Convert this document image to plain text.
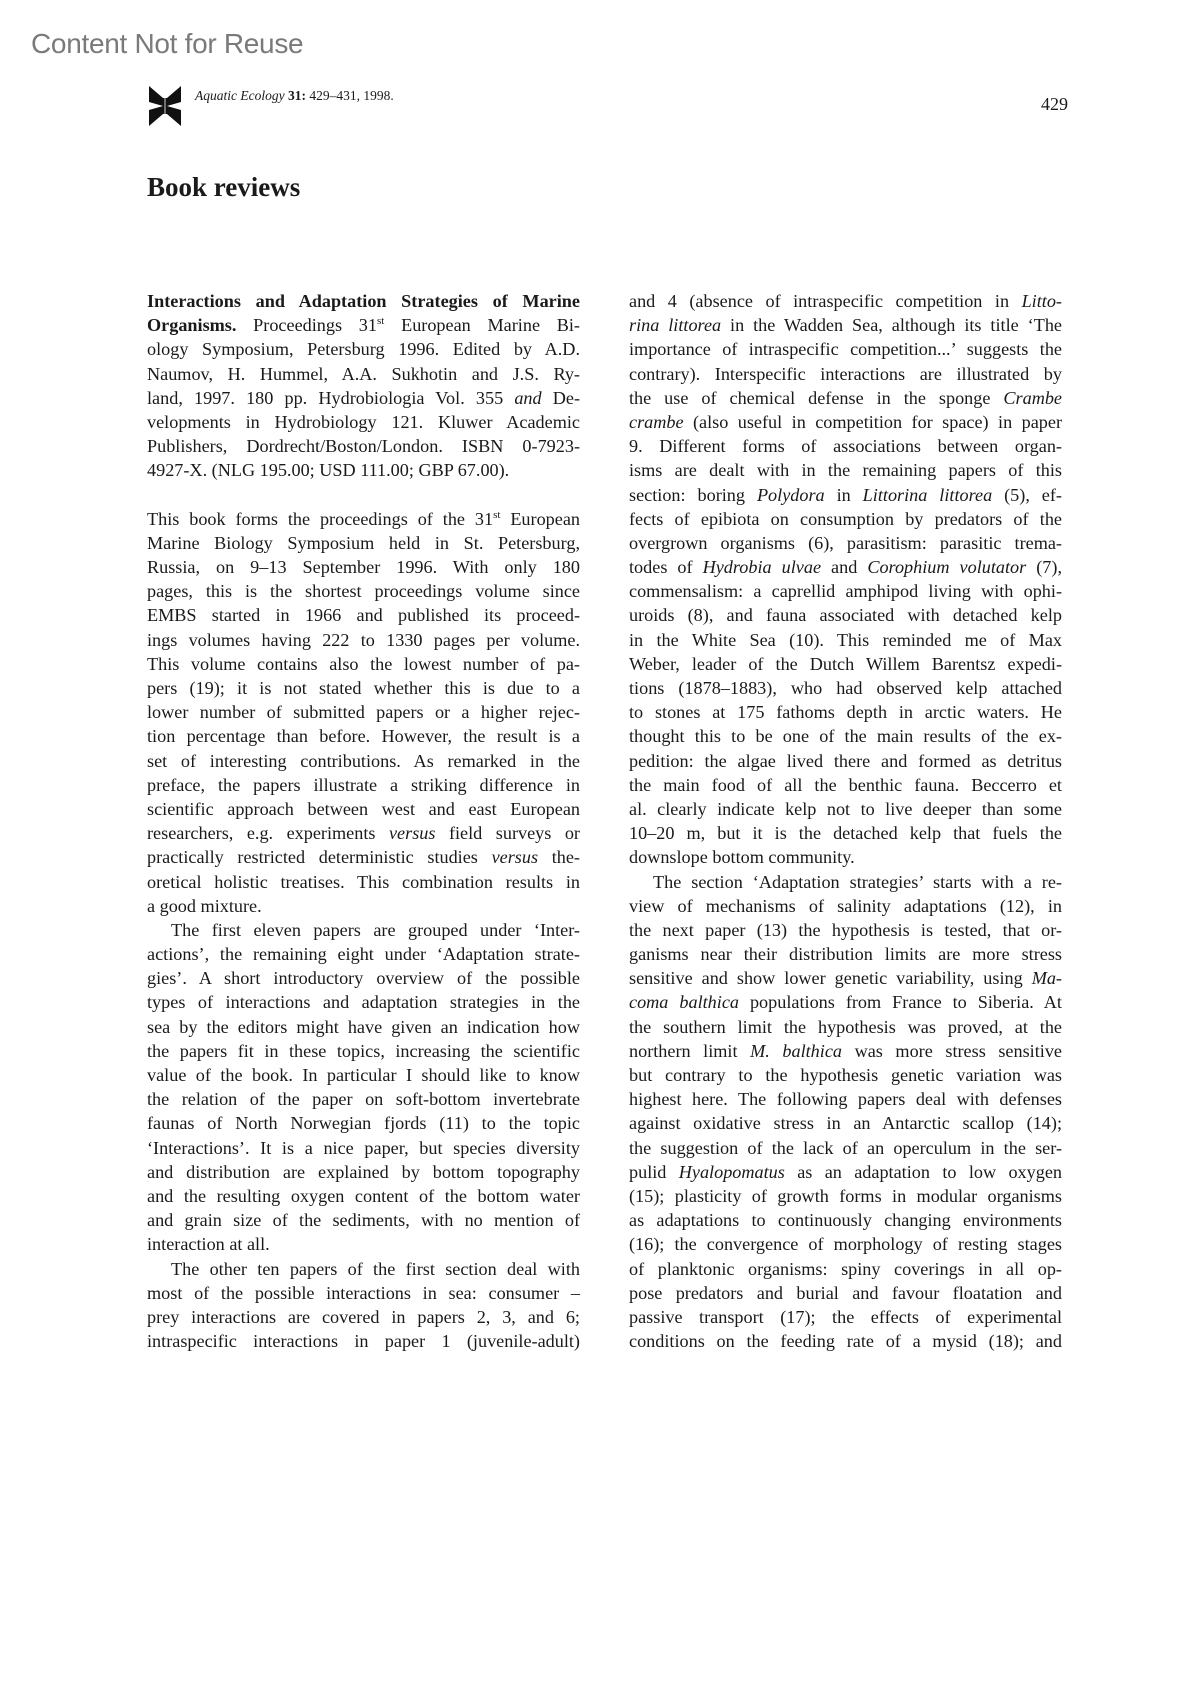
Content Not for Reuse
Aquatic Ecology 31: 429–431, 1998.	429
Book reviews
Interactions and Adaptation Strategies of Marine
Organisms. Proceedings 31st European Marine Bi-
ology Symposium, Petersburg 1996. Edited by A.D.
Naumov, H. Hummel, A.A. Sukhotin and J.S. Ry-
land, 1997. 180 pp. Hydrobiologia Vol. 355 and De-
velopments in Hydrobiology 121. Kluwer Academic
Publishers, Dordrecht/Boston/London. ISBN 0-7923-
4927-X. (NLG 195.00; USD 111.00; GBP 67.00).
This book forms the proceedings of the 31st European
Marine Biology Symposium held in St. Petersburg,
Russia, on 9–13 September 1996. With only 180
pages, this is the shortest proceedings volume since
EMBS started in 1966 and published its proceed-
ings volumes having 222 to 1330 pages per volume.
This volume contains also the lowest number of pa-
pers (19); it is not stated whether this is due to a
lower number of submitted papers or a higher rejec-
tion percentage than before. However, the result is a
set of interesting contributions. As remarked in the
preface, the papers illustrate a striking difference in
scientific approach between west and east European
researchers, e.g. experiments versus field surveys or
practically restricted deterministic studies versus the-
oretical holistic treatises. This combination results in
a good mixture.
The first eleven papers are grouped under ‘Inter-
actions’, the remaining eight under ‘Adaptation strate-
gies’. A short introductory overview of the possible
types of interactions and adaptation strategies in the
sea by the editors might have given an indication how
the papers fit in these topics, increasing the scientific
value of the book. In particular I should like to know
the relation of the paper on soft-bottom invertebrate
faunas of North Norwegian fjords (11) to the topic
‘Interactions’. It is a nice paper, but species diversity
and distribution are explained by bottom topography
and the resulting oxygen content of the bottom water
and grain size of the sediments, with no mention of
interaction at all.
The other ten papers of the first section deal with
most of the possible interactions in sea: consumer –
prey interactions are covered in papers 2, 3, and 6;
intraspecific interactions in paper 1 (juvenile-adult)
and 4 (absence of intraspecific competition in Litto-
rina littorea in the Wadden Sea, although its title ‘The
importance of intraspecific competition...’ suggests the
contrary). Interspecific interactions are illustrated by
the use of chemical defense in the sponge Crambe
crambe (also useful in competition for space) in paper
9. Different forms of associations between organ-
isms are dealt with in the remaining papers of this
section: boring Polydora in Littorina littorea (5), ef-
fects of epibiota on consumption by predators of the
overgrown organisms (6), parasitism: parasitic trema-
todes of Hydrobia ulvae and Corophium volutator (7),
commensalism: a caprellid amphipod living with ophi-
uroids (8), and fauna associated with detached kelp
in the White Sea (10). This reminded me of Max
Weber, leader of the Dutch Willem Barentsz expedi-
tions (1878–1883), who had observed kelp attached
to stones at 175 fathoms depth in arctic waters. He
thought this to be one of the main results of the ex-
pedition: the algae lived there and formed as detritus
the main food of all the benthic fauna. Beccerro et
al. clearly indicate kelp not to live deeper than some
10–20 m, but it is the detached kelp that fuels the
downslope bottom community.
The section ‘Adaptation strategies’ starts with a re-
view of mechanisms of salinity adaptations (12), in
the next paper (13) the hypothesis is tested, that or-
ganisms near their distribution limits are more stress
sensitive and show lower genetic variability, using Ma-
coma balthica populations from France to Siberia. At
the southern limit the hypothesis was proved, at the
northern limit M. balthica was more stress sensitive
but contrary to the hypothesis genetic variation was
highest here. The following papers deal with defenses
against oxidative stress in an Antarctic scallop (14);
the suggestion of the lack of an operculum in the ser-
pulid Hyalopomatus as an adaptation to low oxygen
(15); plasticity of growth forms in modular organisms
as adaptations to continuously changing environments
(16); the convergence of morphology of resting stages
of planktonic organisms: spiny coverings in all op-
pose predators and burial and favour floatation and
passive transport (17); the effects of experimental
conditions on the feeding rate of a mysid (18); and
